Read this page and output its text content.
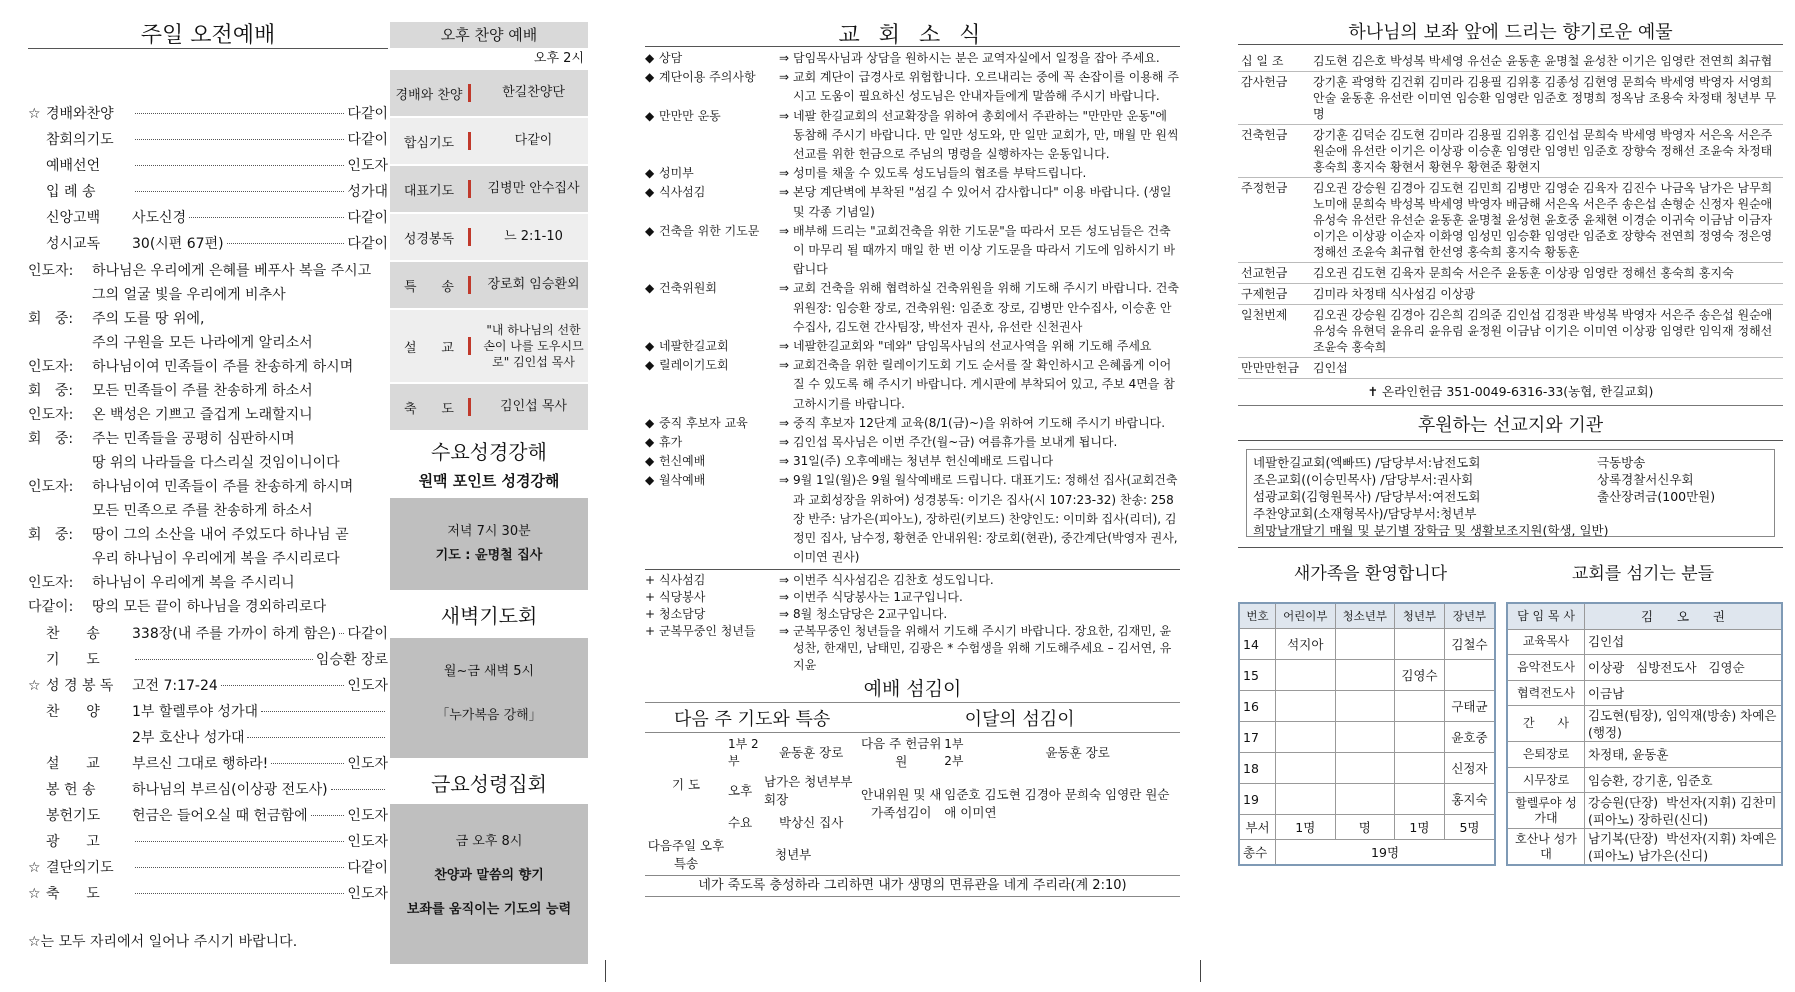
주일 오전예배
☆ 경배와찬양	다같이
참회의기도	다같이
예배선언	인도자
입 례 송	성가대
신앙고백	사도신경	다같이
성시교독	30(시편 67편)	다같이
인도자: 하나님은 우리에게 은혜를 베푸사 복을 주시고
그의 얼굴 빛을 우리에게 비추사
회   중: 주의 도를 땅 위에,
주의 구원을 모든 나라에게 알리소서
인도자: 하나님이여 민족들이 주를 찬송하게 하시며
회   중: 모든 민족들이 주를 찬송하게 하소서
인도자: 온 백성은 기쁘고 즐겁게 노래할지니
회   중: 주는 민족들을 공평히 심판하시며
땅 위의 나라들을 다스리실 것임이니이다
인도자: 하나님이여 민족들이 주를 찬송하게 하시며
모든 민족으로 주를 찬송하게 하소서
회   중: 땅이 그의 소산을 내어 주었도다 하나님 곧
우리 하나님이 우리에게 복을 주시리로다
인도자: 하나님이 우리에게 복을 주시리니
다같이: 땅의 모든 끝이 하나님을 경외하리로다
찬      송	338장(내 주를 가까이 하게 함은) 다같이
기      도	임승환 장로
☆ 성 경 봉 독	고전 7:17-24	인도자
찬      양	1부 할렐루야 성가대
2부 호산나 성가대
설      교	부르신 그대로 행하라!	인도자
봉 헌 송	하나님의 부르심(이상광 전도사)
봉헌기도	헌금은 들어오실 때 헌금함에	인도자
광      고	인도자
☆ 결단의기도	다같이
☆ 축      도	인도자
☆는 모두 자리에서 일어나 주시기 바랍니다.
오후 찬양 예배
오후 2시
경배와 찬양	한길찬양단
합심기도	다같이
대표기도	김병만 안수집사
성경봉독	느 2:1-10
특      송	장로회 임승환외
설      교
"내 하나님의 선한 손이 나를 도우시므로" 김인섭 목사
축      도	김인섭 목사
수요성경강해
원맥 포인트 성경강해
저녁 7시 30분
기도 : 윤명철 집사
새벽기도회
월~금 새벽 5시
「누가복음 강해」
금요성령집회
금 오후 8시
찬양과 말씀의 향기
보좌를 움직이는 기도의 능력
교 회 소 식
◆ 상담	⇒ 담임목사님과 상담을 원하시는 분은 교역자실에서 일정을 잡아 주세요.
◆ 계단이용 주의사항	⇒ 교회 계단이 급경사로 위험합니다. 오르내리는 중에 꼭 손잡이를 이용해 주시고 도움이 필요하신 성도님은 안내자들에게 말씀해 주시기 바랍니다.
◆ 만만만 운동	⇒ 네팔 한길교회의 선교확장을 위하여 총회에서 주관하는 "만만만 운동"에 동참해 주시기 바랍니다. 만 일만 성도와, 만 일만 교회가, 만, 매월 만 원씩 선교를 위한 헌금으로 주님의 명령을 실행하자는 운동입니다.
◆ 성미부	⇒ 성미를 채울 수 있도록 성도님들의 협조를 부탁드립니다.
◆ 식사섬김	⇒ 본당 계단벽에 부착된 "섬길 수 있어서 감사합니다" 이용 바랍니다. (생일 및 각종 기념일)
◆ 건축을 위한 기도문	⇒ 배부해 드리는 "교회건축을 위한 기도문"을 따라서 모든 성도님들은 건축이 마무리 될 때까지 매일 한 번 이상 기도문을 따라서 기도에 임하시기 바랍니다
◆ 건축위원회	⇒ 교회 건축을 위해 협력하실 건축위원을 위해 기도해 주시기 바랍니다. 건축위원장: 임승환 장로, 건축위원: 임준호 장로, 김병만 안수집사, 이승훈 안수집사, 김도현 간사팀장, 박선자 권사, 유선란 신천권사
◆ 네팔한길교회	⇒ 네팔한길교회와 "데와" 담임목사님의 선교사역을 위해 기도해 주세요
◆ 릴레이기도회	⇒ 교회건축을 위한 릴레이기도회 기도 순서를 잘 확인하시고 은혜롭게 이어질 수 있도록 해 주시기 바랍니다. 게시판에 부착되어 있고, 주보 4면을 참고하시기를 바랍니다.
◆ 중직 후보자 교육	⇒ 중직 후보자 12단계 교육(8/1(금)~)을 위하여 기도해 주시기 바랍니다.
◆ 휴가	⇒ 김인섭 목사님은 이번 주간(월~금) 여름휴가를 보내게 됩니다.
◆ 헌신예배	⇒ 31일(주) 오후예배는 청년부 헌신예배로 드립니다
◆ 월삭예배	⇒ 9월 1일(월)은 9월 월삭예배로 드립니다. 대표기도: 정해선 집사(교회건축과 교회성장을 위하여) 성경봉독: 이기은 집사(시 107:23-32) 찬송: 258장 반주: 남가은(피아노), 장하린(키보드) 찬양인도: 이미화 집사(리더), 김정민 집사, 남수정, 황현준 안내위원: 장로회(현관), 중간계단(박영자 권사, 이미연 권사)
+ 식사섬김	⇒ 이번주 식사섬김은 김찬호 성도입니다.
+ 식당봉사	⇒ 이번주 식당봉사는 1교구입니다.
+ 청소담당	⇒ 8월 청소담당은 2교구입니다.
+ 군복무중인 청년들	⇒ 군복무중인 청년들을 위해서 기도해 주시기 바랍니다. 장요한, 김재민, 윤성찬, 한재민, 남태민, 김광은 * 수험생을 위해 기도해주세요 – 김서연, 유지윤
예배 섬김이
다음 주 기도와 특송			이달의 섬김이		
기 도	1부 2부	윤동훈 장로	다음 주 헌금위원	1부 2부	윤동훈 장로
	오후	남가은 청년부부회장	안내위원 및 새가족섬김이	임준호 김도현 김경아 문희숙 임영란 원순애 이미연	
	수요	박상신 집사			
다음주일 오후특송	청년부				
네가 죽도록 충성하라 그리하면 내가 생명의 면류관을 네게 주리라(계 2:10)
하나님의 보좌 앞에 드리는 향기로운 예물
십 일 조	김도현 김은호 박성복 박세영 유선순 윤동훈 윤명철 윤성찬 이기은 임영란 전연희 최규협
감사헌금	강기훈 곽영학 김건휘 김미라 김용필 김위홍 김종성 김현영 문희숙 박세영 박영자 서영희 안술 윤동훈 유선란 이미연 임승환 임영란 임준호 정명희 정옥남 조용숙 차정태 청년부 무명
건축헌금	강기훈 김덕순 김도현 김미라 김용필 김위홍 김인섭 문희숙 박세영 박영자 서은옥 서은주 원순애 유선란 이기은 이상광 이승훈 임영란 임영빈 임준호 장향숙 정해선 조윤숙 차정태 홍숙희 홍지숙 황현서 황현우 황현준 황현지
주정헌금	김오권 강승원 김경아 김도현 김민희 김병만 김영순 김육자 김진수 나금옥 남가은 남무희 노미애 문희숙 박성복 박세영 박영자 배금해 서은옥 서은주 송은섭 손형순 신정자 원순애 유성숙 유선란 유선순 윤동훈 윤명철 윤성현 윤호중 윤채현 이경순 이귀숙 이금남 이금자 이기은 이상광 이순자 이화영 임성민 임승환 임영란 임준호 장향숙 전연희 정영숙 정은영 정해선 조윤숙 최규협 한선영 홍숙희 홍지숙 황동훈
선교헌금	김오권 김도현 김육자 문희숙 서은주 윤동훈 이상광 임영란 정해선 홍숙희 홍지숙
구제헌금	김미라 차정태 식사섬김 이상광
일천번제	김오권 강승원 김경아 김은희 김의준 김인섭 김정관 박성복 박영자 서은주 송은섭 원순애 유성숙 유현덕 윤유리 윤유림 윤정원 이금남 이기은 이미연 이상광 임영란 임익재 정해선 조윤숙 홍숙희
만만만헌금	김인섭
✝ 온라인헌금 351-0049-6316-33(농협, 한길교회)
후원하는 선교지와 기관
네팔한길교회(엑빠뜨) /담당부서:남전도회
조은교회((이승민목사) /담당부서:권사회
섬광교회(김형원목사) /담당부서:여전도회
주찬양교회(소재형목사)/담당부서:청년부
극동방송
상록경찰서신우회
출산장려금(100만원)
희망날개달기 매월 및 분기별 장학금 및 생활보조지원(학생, 일반)
새가족을 환영합니다	교회를 섬기는 분들
번호	어린이부	청소년부	청년부	장년부
14	석지아			김철수
15			김영수	
16				구태균
17				윤호중
18				신정자
19				홍지숙
부서	1명	명	1명	5명
총수	19명			
담 임 목 사	김      오      권
교육목사	김인섭
음악전도사	이상광   심방전도사   김영순
협력전도사	이금남
간      사	김도현(팀장), 임익재(방송) 차예은(행정)
은퇴장로	차정태, 윤동훈
시무장로	임승환, 강기훈, 임준호
할렐루야 성가대	강승원(단장)  박선자(지휘) 김찬미(피아노) 장하린(신디)
호산나 성가대	남기복(단장)  박선자(지휘) 차예은(피아노) 남가은(신디)
